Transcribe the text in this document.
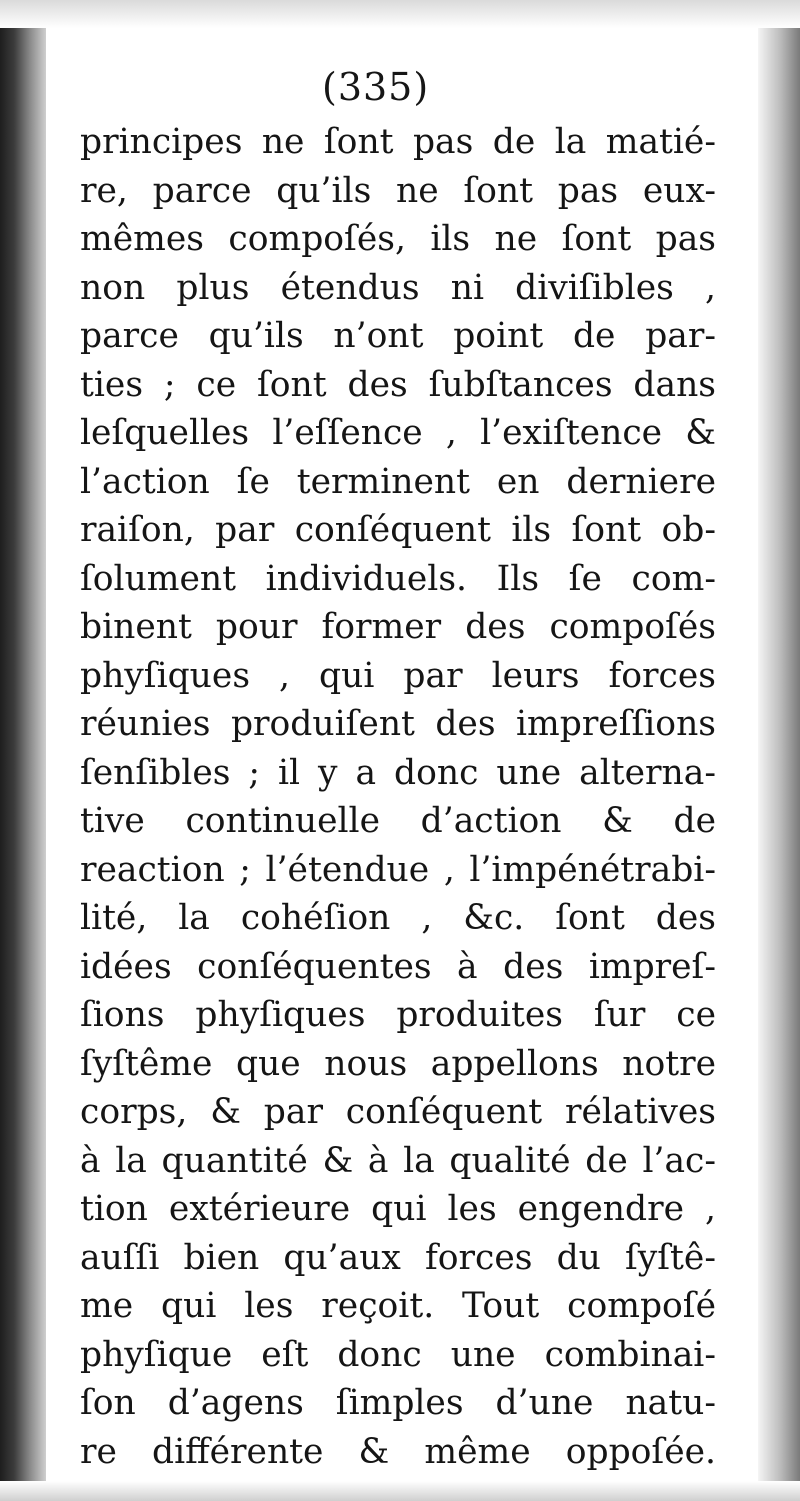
(335)

principes ne ſont pas de la matié-
re, parce qu’ils ne ſont pas eux-
mêmes compoſés, ils ne ſont pas
non plus étendus ni diviſibles ,
parce qu’ils n’ont point de par-
ties ; ce ſont des ſubſtances dans
leſquelles l’eſſence , l’exiſtence &
l’action ſe terminent en derniere
raiſon, par conſéquent ils ſont ob-
ſolument individuels. Ils ſe com-
binent pour former des compoſés
phyſiques , qui par leurs forces
réunies produiſent des impreſſions
ſenſibles ; il y a donc une alterna-
tive continuelle d’action & de
reaction ; l’étendue , l’impénétrabi-
lité, la cohéſion , &c. ſont des
idées conſéquentes à des impreſ-
ſions phyſiques produites ſur ce
ſyſtême que nous appellons notre
corps, & par conſéquent rélatives
à la quantité & à la qualité de l’ac-
tion extérieure qui les engendre ,
auſſi bien qu’aux forces du ſyſtê-
me qui les reçoit. Tout compoſé
phyſique eſt donc une combinai-
ſon d’agens ſimples d’une natu-
re différente & même oppoſée.
